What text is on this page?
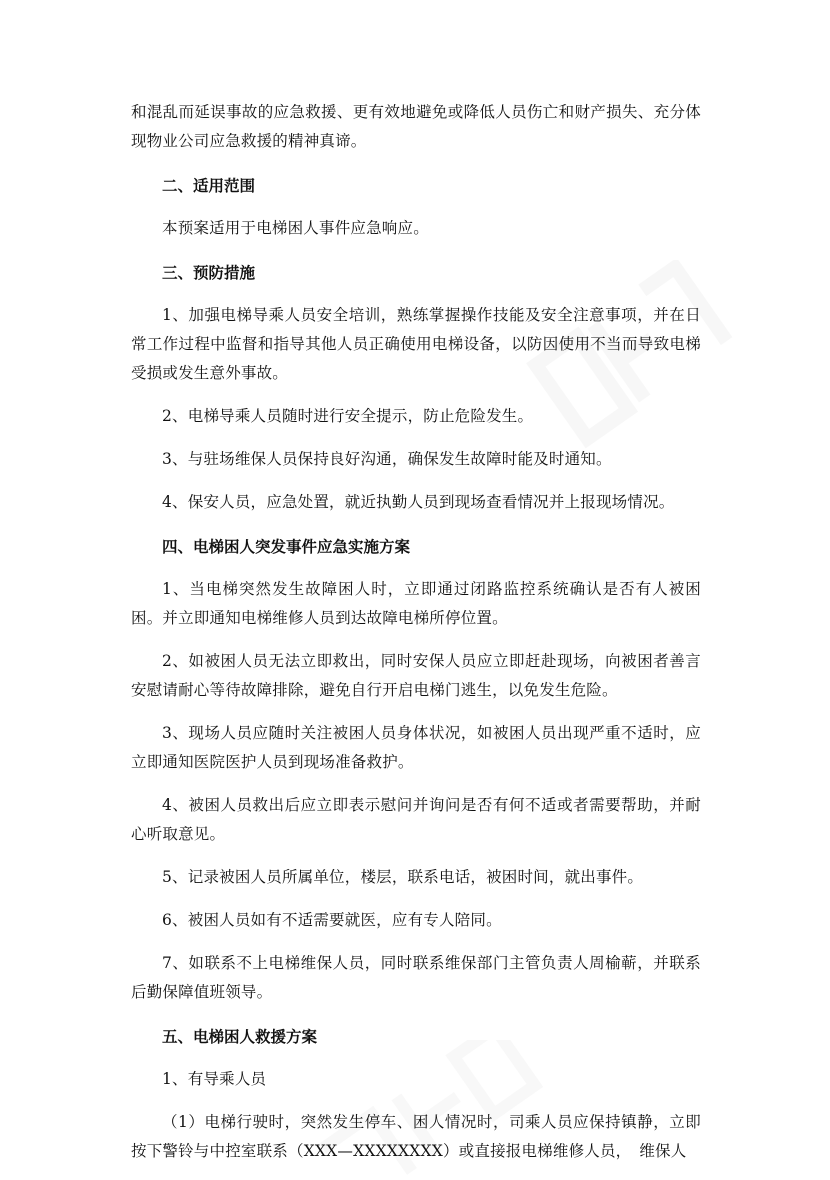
和混乱而延误事故的应急救援、更有效地避免或降低人员伤亡和财产损失、充分体现物业公司应急救援的精神真谛。

二、适用范围

本预案适用于电梯困人事件应急响应。

三、预防措施

1、加强电梯导乘人员安全培训，熟练掌握操作技能及安全注意事项，并在日常工作过程中监督和指导其他人员正确使用电梯设备，以防因使用不当而导致电梯受损或发生意外事故。

2、电梯导乘人员随时进行安全提示，防止危险发生。

3、与驻场维保人员保持良好沟通，确保发生故障时能及时通知。

4、保安人员，应急处置，就近执勤人员到现场查看情况并上报现场情况。

四、电梯困人突发事件应急实施方案

1、当电梯突然发生故障困人时，立即通过闭路监控系统确认是否有人被困困。并立即通知电梯维修人员到达故障电梯所停位置。

2、如被困人员无法立即救出，同时安保人员应立即赶赴现场，向被困者善言安慰请耐心等待故障排除，避免自行开启电梯门逃生，以免发生危险。

3、现场人员应随时关注被困人员身体状况，如被困人员出现严重不适时，应立即通知医院医护人员到现场准备救护。

4、被困人员救出后应立即表示慰问并询问是否有何不适或者需要帮助，并耐心听取意见。

5、记录被困人员所属单位，楼层，联系电话，被困时间，就出事件。

6、被困人员如有不适需要就医，应有专人陪同。

7、如联系不上电梯维保人员，同时联系维保部门主管负责人周榆蕲，并联系后勤保障值班领导。

五、电梯困人救援方案

1、有导乘人员

（1）电梯行驶时，突然发生停车、困人情况时，司乘人员应保持镇静，立即按下警铃与中控室联系（XXX—XXXXXXXX）或直接报电梯维修人员，　维保人
